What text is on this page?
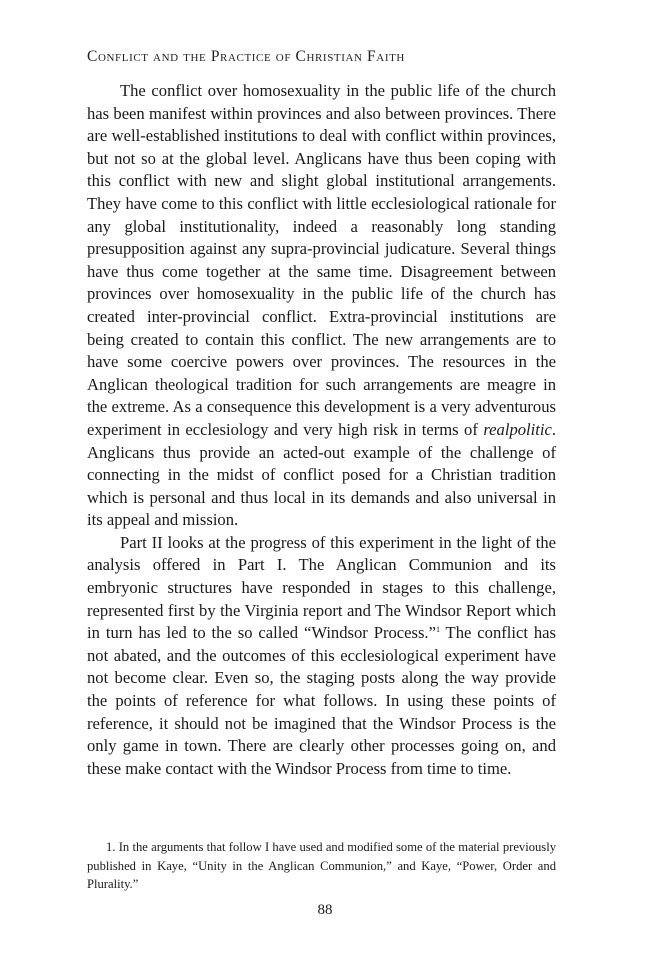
Conflict and the Practice of Christian Faith

The conflict over homosexuality in the public life of the church has been manifest within provinces and also between provinces. There are well-established institutions to deal with conflict within provinces, but not so at the global level. Anglicans have thus been coping with this conflict with new and slight global institutional arrangements. They have come to this conflict with little ecclesiological rationale for any global institutionality, indeed a reasonably long standing presupposition against any supra-provincial judicature. Several things have thus come together at the same time. Disagreement between provinces over homosexuality in the public life of the church has created inter-provincial conflict. Extra-provincial institutions are being created to contain this conflict. The new arrangements are to have some coercive powers over provinces. The resources in the Anglican theological tradition for such arrangements are meagre in the extreme. As a consequence this development is a very adventurous experiment in ecclesiology and very high risk in terms of realpolitic. Anglicans thus provide an acted-out example of the challenge of connecting in the midst of conflict posed for a Christian tradition which is personal and thus local in its demands and also universal in its appeal and mission.

Part II looks at the progress of this experiment in the light of the analysis offered in Part I. The Anglican Communion and its embryonic structures have responded in stages to this challenge, represented first by the Virginia report and The Windsor Report which in turn has led to the so called “Windsor Process.”$^1$ The conflict has not abated, and the outcomes of this ecclesiological experiment have not become clear. Even so, the staging posts along the way provide the points of reference for what follows. In using these points of reference, it should not be imagined that the Windsor Process is the only game in town. There are clearly other processes going on, and these make contact with the Windsor Process from time to time.

1. In the arguments that follow I have used and modified some of the material previously published in Kaye, “Unity in the Anglican Communion,” and Kaye, “Power, Order and Plurality.”

88
